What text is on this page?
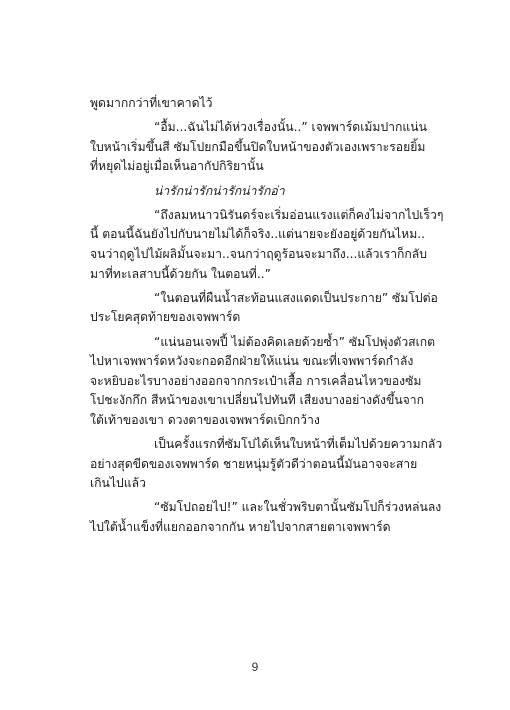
พูดมากกว่าที่เขาคาดไว้
“อื้ม...ฉันไม่ได้ห่วงเรื่องนั้น..” เจพพาร์ดเม้มปากแน่น
ใบหน้าเริ่มขึ้นสี ซัมโปยกมือขึ้นปิดใบหน้าของตัวเองเพราะรอยยิ้ม
ที่หยุดไม่อยู่เมื่อเห็นอากัปกิริยานั้น
น่ารักน่ารักน่ารักน่ารักอ่า
“ถึงลมหนาวนิรันดร์จะเริ่มอ่อนแรงแต่ก็คงไม่จากไปเร็วๆ
นี้ ตอนนี้ฉันยังไปกับนายไม่ได้ก็จริง..แต่นายจะยังอยู่ด้วยกันไหม..
จนว่าฤดูไปไม้ผลิมั้นจะมา..จนกว่าฤดูร้อนจะมาถึง...แล้วเราก็กลับ
มาที่ทะเลสาบนี้ด้วยกัน ในตอนที่..”
“ในตอนที่ผืนน้ำสะท้อนแสงแดดเป็นประกาย” ซัมโปต่อ
ประโยคสุดท้ายของเจพพาร์ด
“แน่นอนเจพปี้ ไม่ต้องคิดเลยด้วยซ้ำ” ซัมโปพุ่งตัวสเกต
ไปหาเจพพาร์ดหวังจะกอดอีกฝ่ายให้แน่น ขณะที่เจพพาร์ดกำลัง
จะหยิบอะไรบางอย่างออกจากกระเป๋าเสื้อ การเคลื่อนไหวของซัม
โปชะงักกึก สีหน้าของเขาเปลี่ยนไปทันที เสียงบางอย่างดังขึ้นจาก
ใต้เท้าของเขา ดวงตาของเจพพาร์ดเบิกกว้าง
เป็นครั้งแรกที่ซัมโปได้เห็นใบหน้าที่เต็มไปด้วยความกลัว
อย่างสุดขีดของเจพพาร์ด ชายหนุ่มรู้ตัวดีว่าตอนนี้มันอาจจะสาย
เกินไปแล้ว
“ซัมโปถอยไป!” และในชั่วพริบตานั้นซัมโปก็ร่วงหล่นลง
ไปใต้น้ำแข็งที่แยกออกจากกัน หายไปจากสายตาเจพพาร์ด
9
